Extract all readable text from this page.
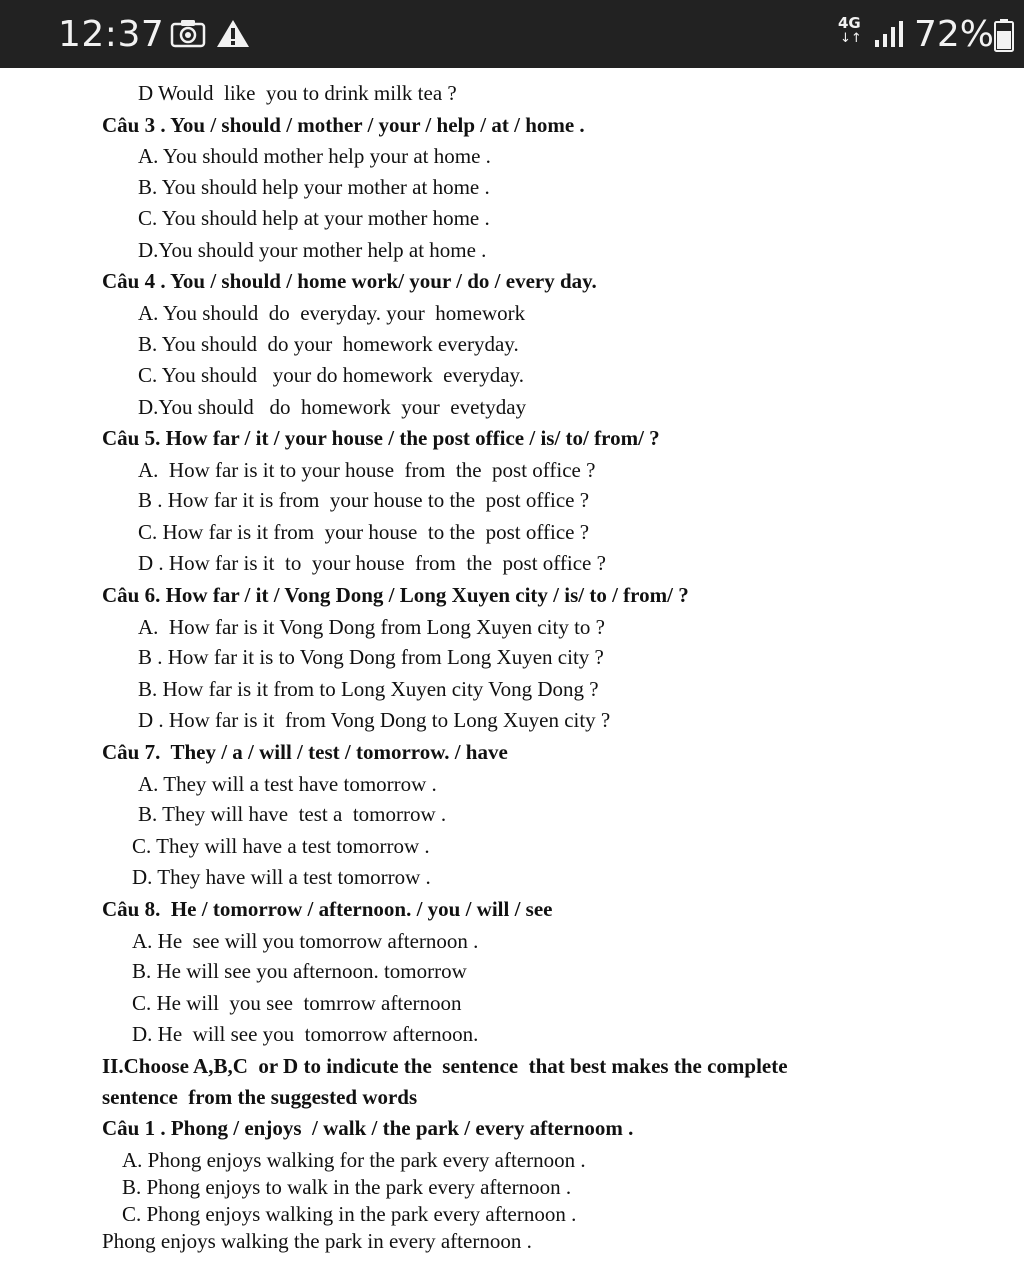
12:37	4G
↓↑ 72%
D Would  like  you to drink milk tea ?
Câu 3 . You / should / mother / your / help / at / home .
A. You should mother help your at home .
B. You should help your mother at home .
C. You should help at your mother home .
D.You should your mother help at home .
Câu 4 . You / should / home work/ your / do / every day.
A. You should  do  everyday. your  homework
B. You should  do your  homework everyday.
C. You should   your do homework  everyday.
D.You should   do  homework  your  evetyday
Câu 5. How far / it / your house / the post office / is/ to/ from/ ?
A.  How far is it to your house  from  the  post office ?
B . How far it is from  your house to the  post office ?
C. How far is it from  your house  to the  post office ?
D . How far is it  to  your house  from  the  post office ?
Câu 6. How far / it / Vong Dong / Long Xuyen city / is/ to / from/ ?
A.  How far is it Vong Dong from Long Xuyen city to ?
B . How far it is to Vong Dong from Long Xuyen city ?
B. How far is it from to Long Xuyen city Vong Dong ?
D . How far is it  from Vong Dong to Long Xuyen city ?
Câu 7.  They / a / will / test / tomorrow. / have
A. They will a test have tomorrow .
B. They will have  test a  tomorrow .
C. They will have a test tomorrow .
D. They have will a test tomorrow .
Câu 8.  He / tomorrow / afternoon. / you / will / see
A. He  see will you tomorrow afternoon .
B. He will see you afternoon. tomorrow
C. He will  you see  tomrrow afternoon
D. He  will see you  tomorrow afternoon.
II.Choose A,B,C  or D to indicute the  sentence  that best makes the complete
sentence  from the suggested words
Câu 1 . Phong / enjoys  / walk / the park / every afternoom .
A. Phong enjoys walking for the park every afternoon .
B. Phong enjoys to walk in the park every afternoon .
C. Phong enjoys walking in the park every afternoon .
Phong enjoys walking the park in every afternoon .
